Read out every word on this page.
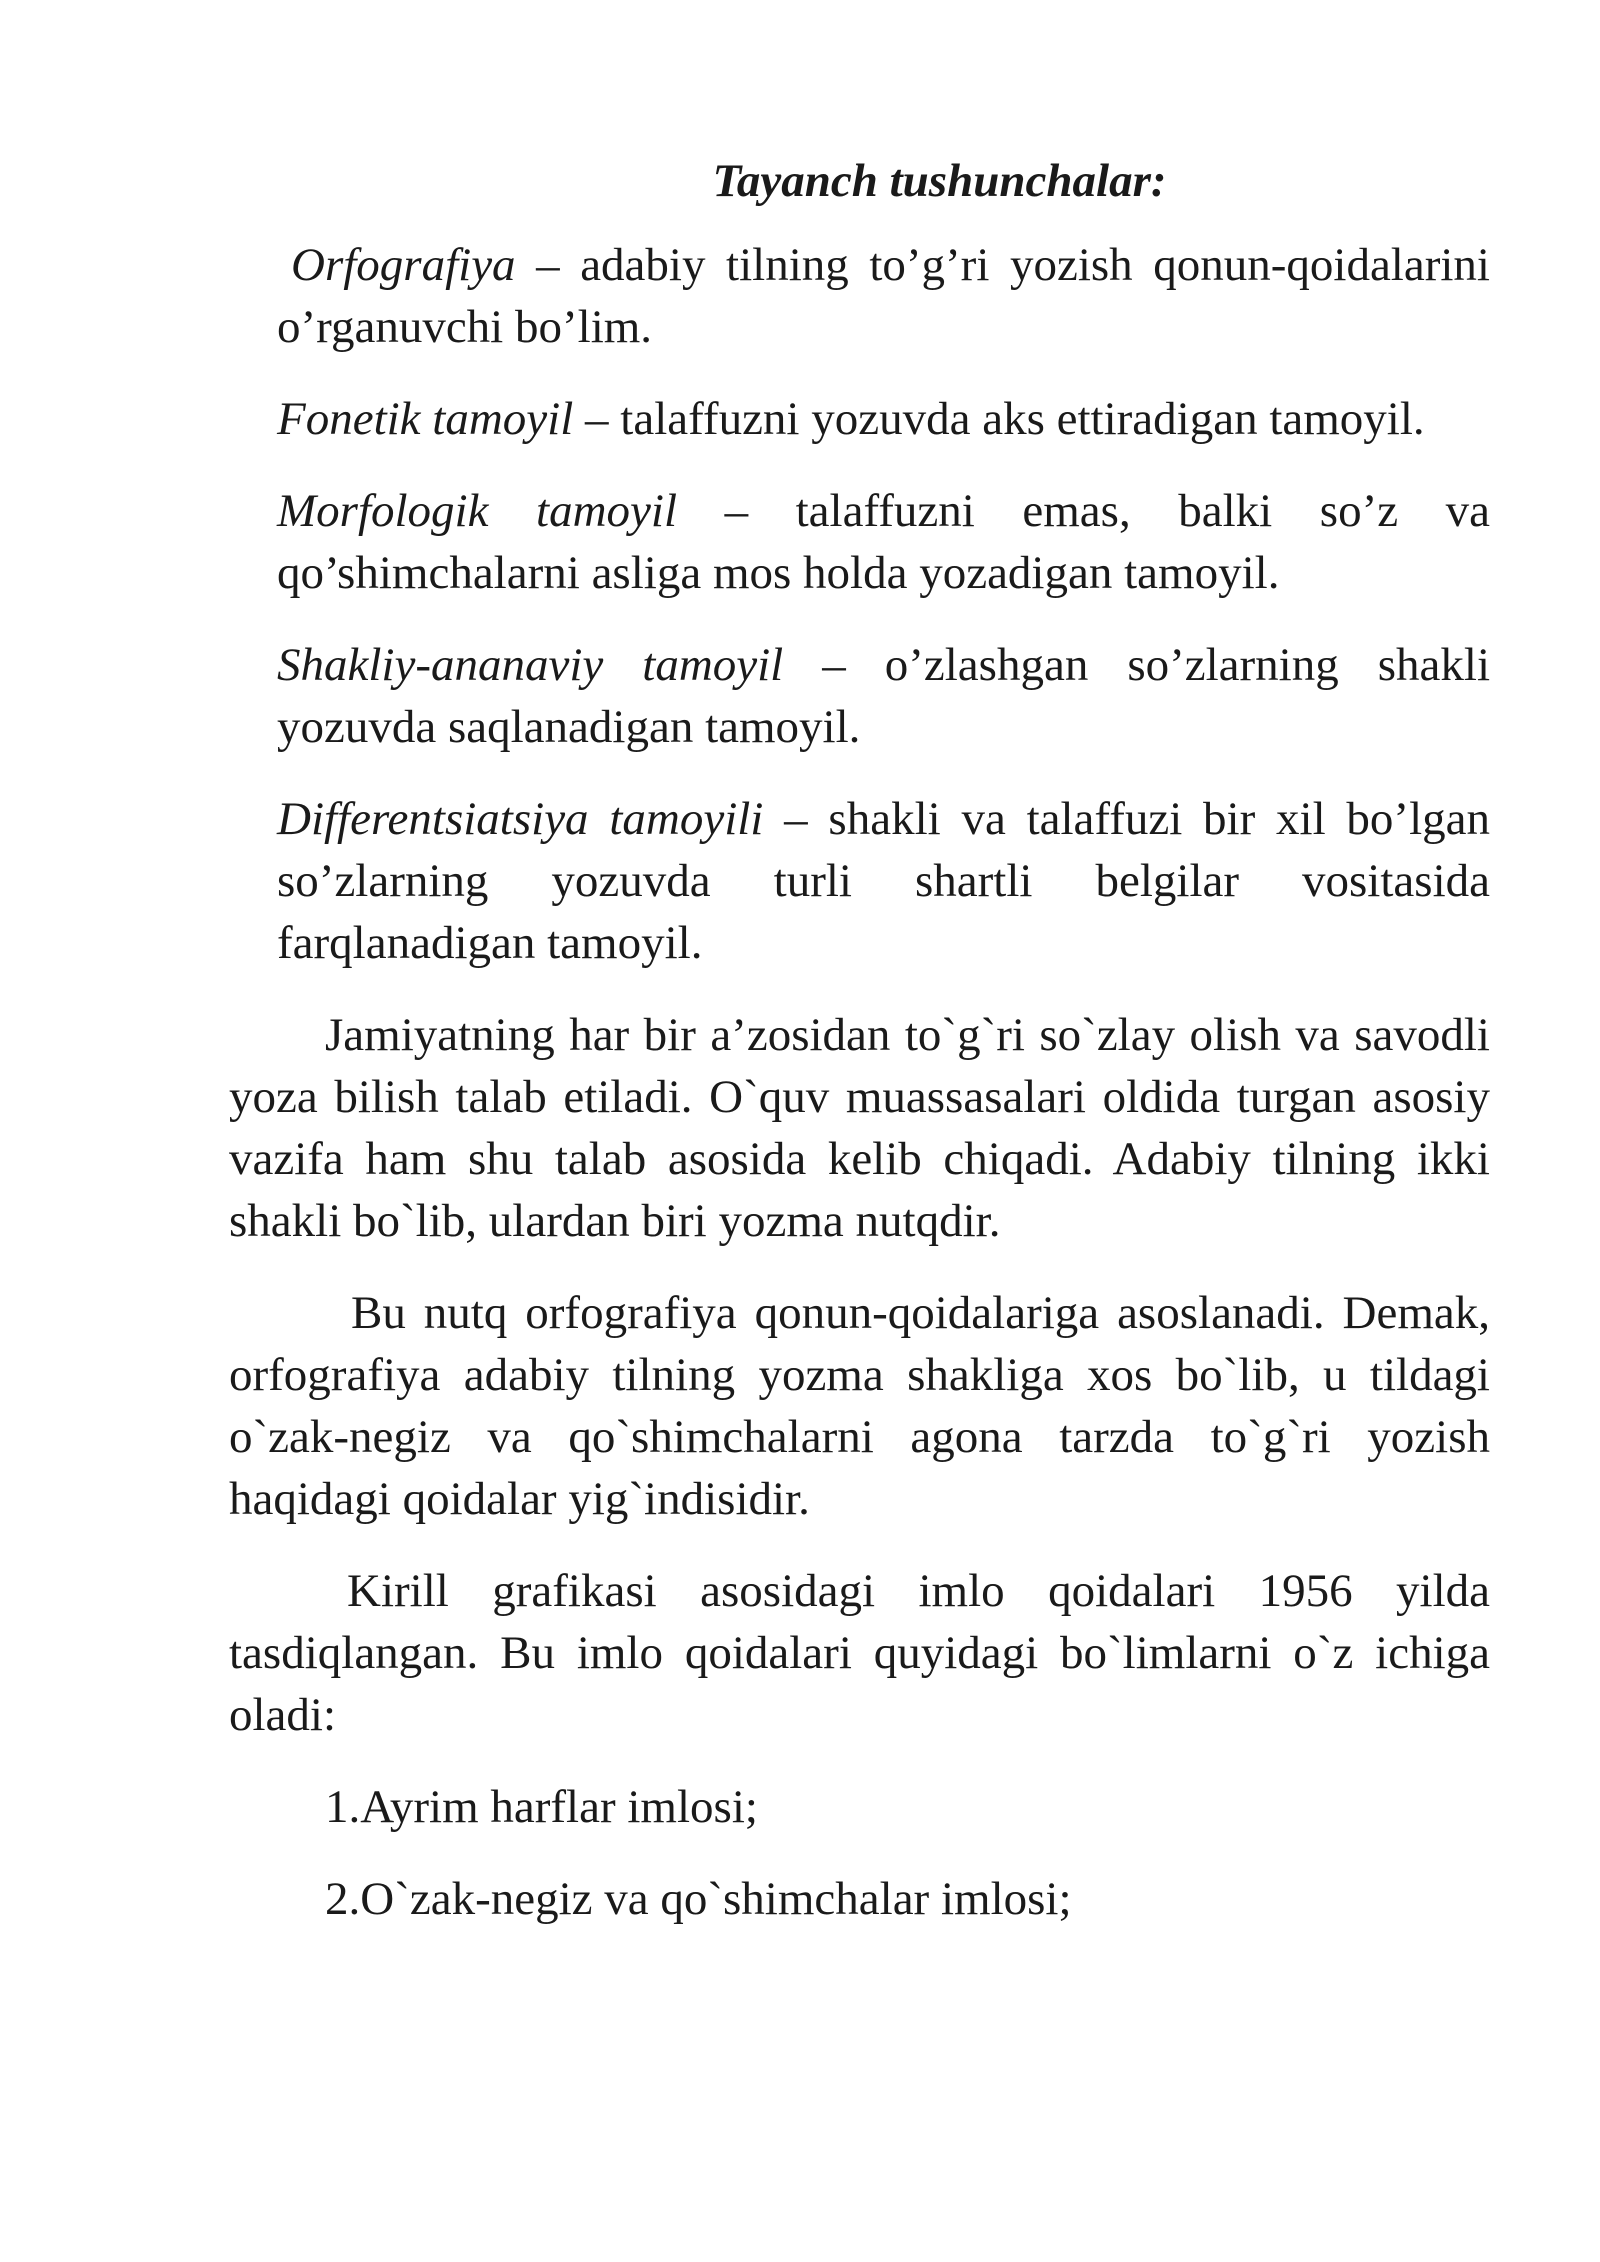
Tayanch tushunchalar:
Orfografiya – adabiy tilning to’g’ri yozish qonun-qoidalarini o’rganuvchi bo’lim.
Fonetik tamoyil – talaffuzni yozuvda aks ettiradigan tamoyil.
Morfologik tamoyil – talaffuzni emas, balki so’z va qo’shimchalarni asliga mos holda yozadigan tamoyil.
Shakliy-ananaviy tamoyil – o’zlashgan so’zlarning shakli yozuvda saqlanadigan tamoyil.
Differentsiatsiya tamoyili – shakli va talaffuzi bir xil bo’lgan so’zlarning yozuvda turli shartli belgilar vositasida farqlanadigan tamoyil.

Jamiyatning har bir a’zosidan to`g`ri so`zlay olish va savodli yoza bilish talab etiladi. O`quv muassasalari oldida turgan asosiy vazifa ham shu talab asosida kelib chiqadi. Adabiy tilning ikki shakli bo`lib, ulardan biri yozma nutqdir.

Bu nutq orfografiya qonun-qoidalariga asoslanadi. Demak, orfografiya adabiy tilning yozma shakliga xos bo`lib, u tildagi o`zak-negiz va qo`shimchalarni agona tarzda to`g`ri yozish haqidagi qoidalar yig`indisidir.

Kirill grafikasi asosidagi imlo qoidalari 1956 yilda tasdiqlangan. Bu imlo qoidalari quyidagi bo`limlarni o`z ichiga oladi:

1.Ayrim harflar imlosi;
2.O`zak-negiz va qo`shimchalar imlosi;
